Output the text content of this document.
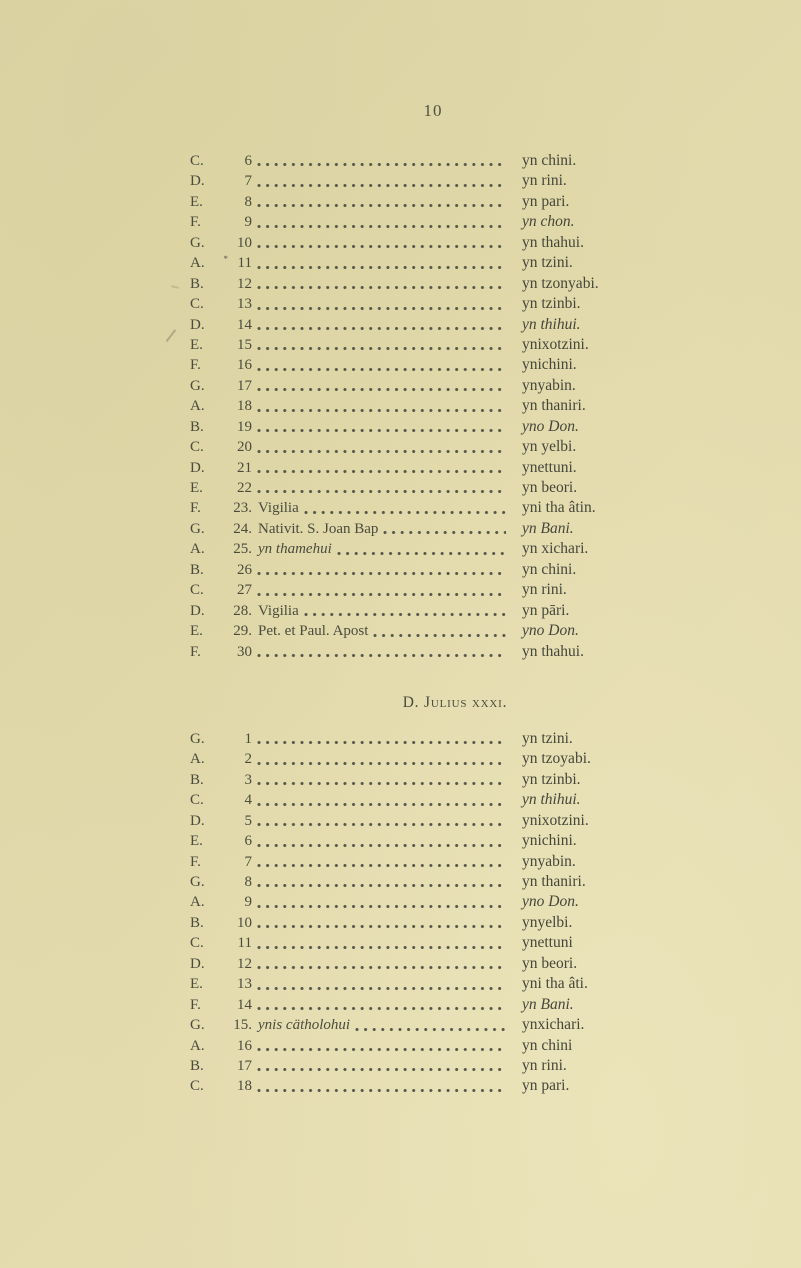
10
C.	6	yn chini.
D.	7	yn rini.
E.	8	yn pari.
F.	9	yn chon.
G.	10	yn thahui.
A.	* 11	yn tzini.
B.	12	yn tzonyabi.
C.	13	yn tzinbi.
D.	14	yn thihui.
E.	15	ynixotzini.
F.	16	ynichini.
G.	17	ynyabin.
A.	18	yn thaniri.
B.	19	yno Don.
C.	20	yn yelbi.
D.	21	ynettuni.
E.	22	yn beori.
F.	23. Vigilia	yni tha âtin.
G.	24. Nativit. S. Joan Bap	yn Bani.
A.	25. yn thamehui	yn xichari.
B.	26	yn chini.
C.	27	yn rini.
D.	28. Vigilia	yn pāri.
E.	29. Pet. et Paul. Apost	yno Don.
F.	30	yn thahui.
D. Julius xxxi.
G.	1	yn tzini.
A.	2	yn tzoyabi.
B.	3	yn tzinbi.
C.	4	yn thihui.
D.	5	ynixotzini.
E.	6	ynichini.
F.	7	ynyabin.
G.	8	yn thaniri.
A.	9	yno Don.
B.	10	ynyelbi.
C.	11	ynettuni
D.	12	yn beori.
E.	13	yni tha âti.
F.	14	yn Bani.
G.	15. ynis cätholohui	ynxichari.
A.	16	yn chini
B.	17	yn rini.
C.	18	yn pari.
